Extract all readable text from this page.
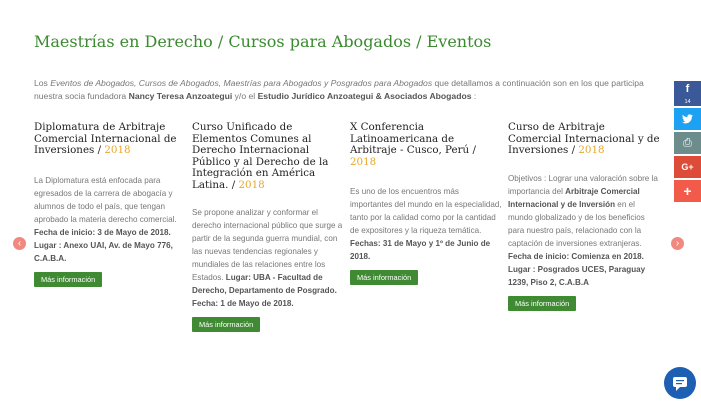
Maestrías en Derecho / Cursos para Abogados / Eventos
Los Eventos de Abogados, Cursos de Abogados, Maestrías para Abogados y Posgrados para Abogados que detallamos a continuación son en los que participa nuestra socia fundadora Nancy Teresa Anzoategui y/o el Estudio Jurídico Anzoategui & Asociados Abogados :
Diplomatura de Arbitraje Comercial Internacional de Inversiones / 2018
La Diplomatura está enfocada para egresados de la carrera de abogacía y alumnos de todo el país, que tengan aprobado la materia derecho comercial. Fecha de inicio: 3 de Mayo de 2018. Lugar : Anexo UAI, Av. de Mayo 776, C.A.B.A.
Más información
Curso Unificado de Elementos Comunes al Derecho Internacional Público y al Derecho de la Integración en América Latina. / 2018
Se propone analizar y conformar el derecho internacional público que surge a partir de la segunda guerra mundial, con las nuevas tendencias regionales y mundiales de las relaciones entre los Estados. Lugar: UBA - Facultad de Derecho, Departamento de Posgrado. Fecha: 1 de Mayo de 2018.
Más información
X Conferencia Latinoamericana de Arbitraje - Cusco, Perú / 2018
Es uno de los encuentros más importantes del mundo en la especialidad, tanto por la calidad como por la cantidad de expositores y la riqueza temática. Fechas: 31 de Mayo y 1º de Junio de 2018.
Más información
Curso de Arbitraje Comercial Internacional y de Inversiones / 2018
Objetivos : Lograr una valoración sobre la importancia del Arbitraje Comercial Internacional y de Inversión en el mundo globalizado y de los beneficios para nuestro país, relacionado con la captación de inversiones extranjeras. Fecha de inicio: Comienza en 2018. Lugar : Posgrados UCES, Paraguay 1239, Piso 2, C.A.B.A
Más información
‹	›
f
14
⎙
G+
+
